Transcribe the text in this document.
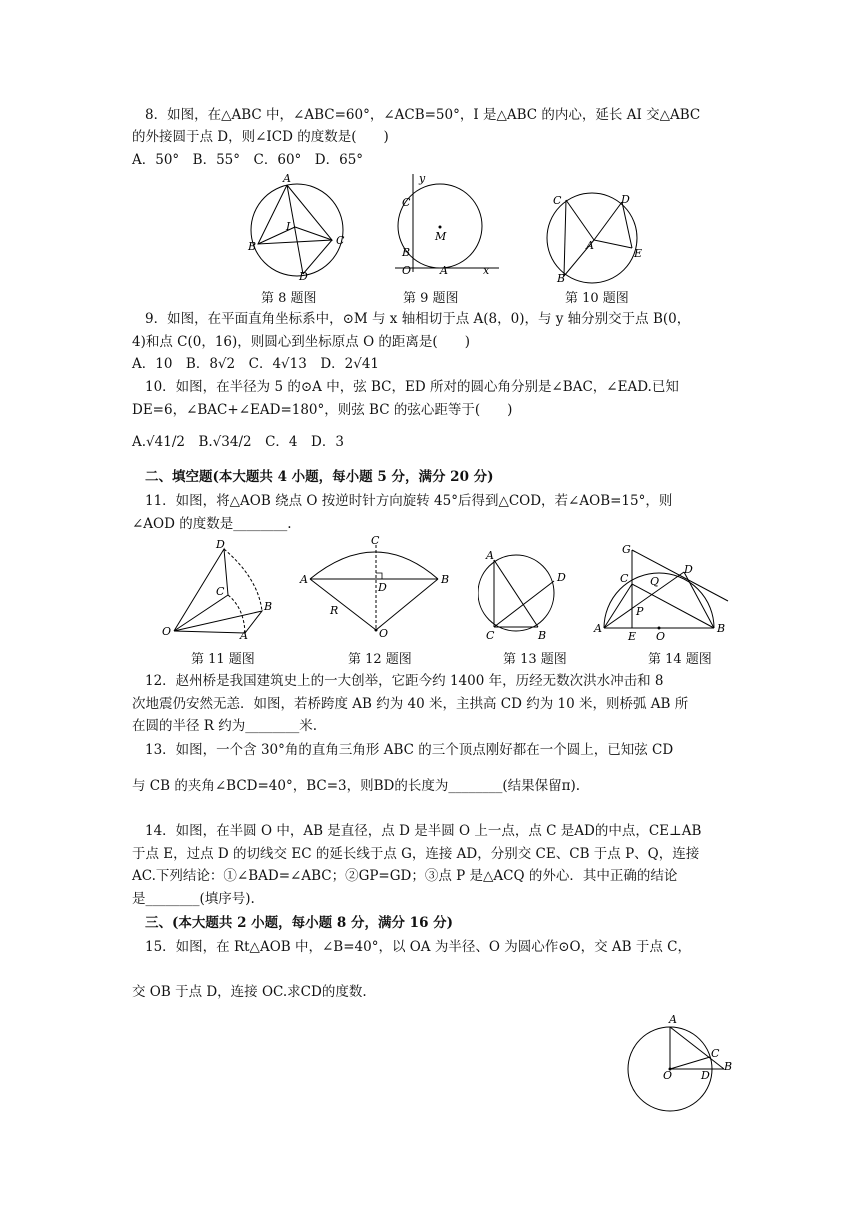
8．如图，在△ABC 中，∠ABC=60°，∠ACB=50°，I 是△ABC 的内心，延长 AI 交△ABC
的外接圆于点 D，则∠ICD 的度数是(　　)
A．50°　B．55°　C．60°　D．65°
A
I
B	C
D
y
C
M
B
O	A	x
C	D
A
E
B
第 8 题图	第 9 题图	第 10 题图
9．如图，在平面直角坐标系中，⊙M 与 x 轴相切于点 A(8，0)，与 y 轴分别交于点 B(0，
4)和点 C(0，16)，则圆心到坐标原点 O 的距离是(　　)
A．10　B．8√2　C．4√13　D．2√41
10．如图，在半径为 5 的⊙A 中，弦 BC，ED 所对的圆心角分别是∠BAC，∠EAD.已知
DE=6，∠BAC+∠EAD=180°，则弦 BC 的弦心距等于(　　)
A.√41/2　B.√34/2　C．4　D．3
二、填空题(本大题共 4 小题，每小题 5 分，满分 20 分)
11．如图，将△AOB 绕点 O 按逆时针方向旋转 45°后得到△COD，若∠AOB=15°，则
∠AOD 的度数是________.
D
C
B
O	A
C
A
D
B
R
O
A
D
C	B
G
C Q
D
P
A
E O
B
第 11 题图	第 12 题图	第 13 题图	第 14 题图
12．赵州桥是我国建筑史上的一大创举，它距今约 1400 年，历经无数次洪水冲击和 8
次地震仍安然无恙．如图，若桥跨度 AB 约为 40 米，主拱高 CD 约为 10 米，则桥弧 AB 所
在圆的半径 R 约为________米.
13．如图，一个含 30°角的直角三角形 ABC 的三个顶点刚好都在一个圆上，已知弦 CD
与 CB 的夹角∠BCD=40°，BC=3，则BD的长度为________(结果保留π).
14．如图，在半圆 O 中，AB 是直径，点 D 是半圆 O 上一点，点 C 是AD的中点，CE⊥AB
于点 E，过点 D 的切线交 EC 的延长线于点 G，连接 AD，分别交 CE、CB 于点 P、Q，连接
AC.下列结论：①∠BAD=∠ABC；②GP=GD；③点 P 是△ACQ 的外心．其中正确的结论
是________(填序号).
三、(本大题共 2 小题，每小题 8 分，满分 16 分)
15．如图，在 Rt△AOB 中，∠B=40°，以 OA 为半径、O 为圆心作⊙O，交 AB 于点 C，
交 OB 于点 D，连接 OC.求CD的度数.
A
C
B
O	D
